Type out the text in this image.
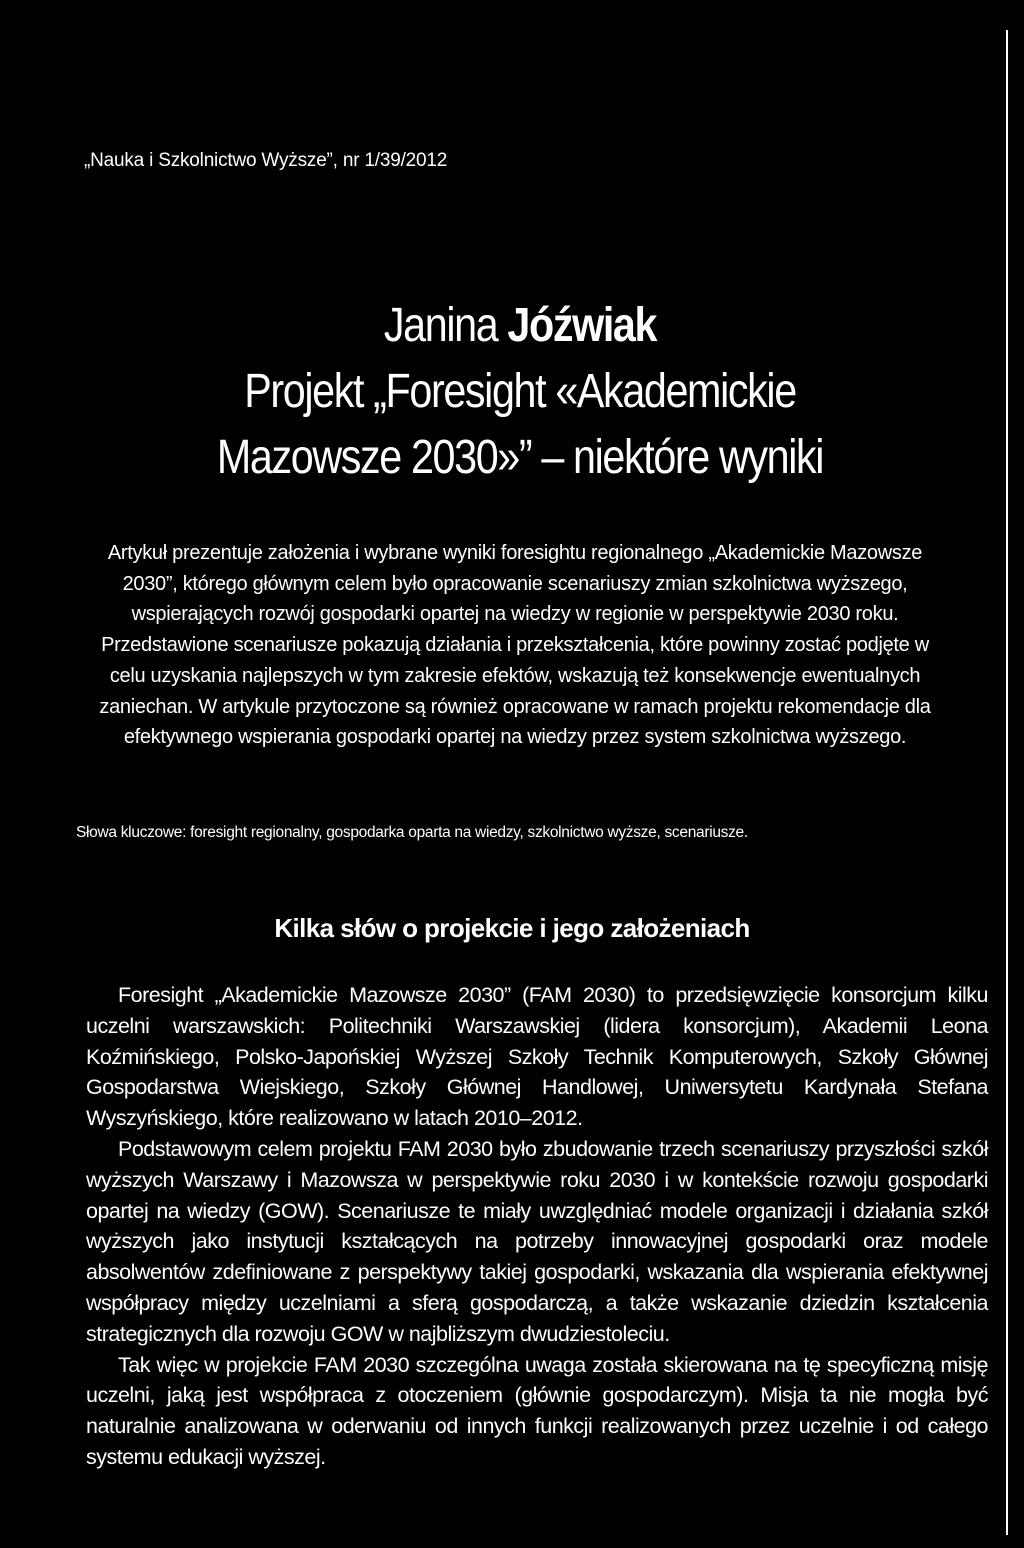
„Nauka i Szkolnictwo Wyższe”, nr 1/39/2012
Janina Jóźwiak
Projekt „Foresight «Akademickie
Mazowsze 2030»” – niektóre wyniki

Artykuł prezentuje założenia i wybrane wyniki foresightu regionalnego „Akademickie Mazowsze 2030”, którego głównym celem było opracowanie scenariuszy zmian szkolnictwa wyższego, wspierających rozwój gospodarki opartej na wiedzy w regionie w perspektywie 2030 roku. Przedstawione scenariusze pokazują działania i przekształcenia, które powinny zostać podjęte w celu uzyskania najlepszych w tym zakresie efektów, wskazują też konsekwencje ewentualnych zaniechan. W artykule przytoczone są również opracowane w ramach projektu rekomendacje dla efektywnego wspierania gospodarki opartej na wiedzy przez system szkolnictwa wyższego.

Słowa kluczowe: foresight regionalny, gospodarka oparta na wiedzy, szkolnictwo wyższe, scenariusze.
Kilka słów o projekcie i jego założeniach

Foresight „Akademickie Mazowsze 2030” (FAM 2030) to przedsięwzięcie konsorcjum kilku uczelni warszawskich: Politechniki Warszawskiej (lidera konsorcjum), Akademii Leona Koźmińskiego, Polsko-Japońskiej Wyższej Szkoły Technik Komputerowych, Szkoły Głównej Gospodarstwa Wiejskiego, Szkoły Głównej Handlowej, Uniwersytetu Kardynała Stefana Wyszyńskiego, które realizowano w latach 2010–2012.

Podstawowym celem projektu FAM 2030 było zbudowanie trzech scenariuszy przyszłości szkół wyższych Warszawy i Mazowsza w perspektywie roku 2030 i w kontekście rozwoju gospodarki opartej na wiedzy (GOW). Scenariusze te miały uwzględniać modele organizacji i działania szkół wyższych jako instytucji kształcących na potrzeby innowacyjnej gospodarki oraz modele absolwentów zdefiniowane z perspektywy takiej gospodarki, wskazania dla wspierania efektywnej współpracy między uczelniami a sferą gospodarczą, a także wskazanie dziedzin kształcenia strategicznych dla rozwoju GOW w najbliższym dwudziestoleciu.

Tak więc w projekcie FAM 2030 szczególna uwaga została skierowana na tę specyficzną misję uczelni, jaką jest współpraca z otoczeniem (głównie gospodarczym). Misja ta nie mogła być naturalnie analizowana w oderwaniu od innych funkcji realizowanych przez uczelnie i od całego systemu edukacji wyższej.
